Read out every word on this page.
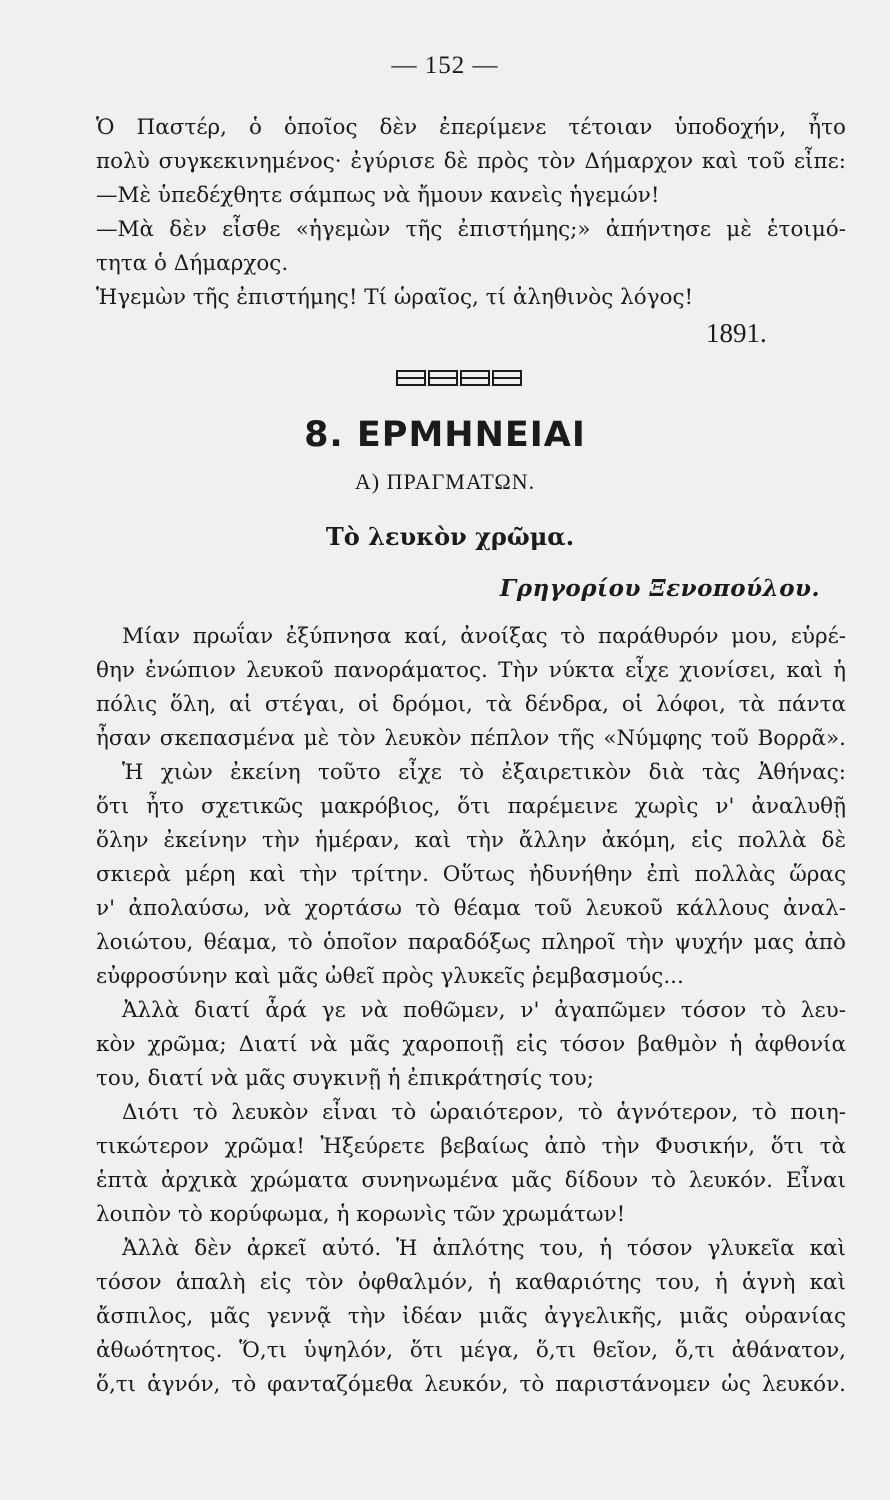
— 152 —
Ὁ Παστέρ, ὁ ὁποῖος δὲν ἐπερίμενε τέτοιαν ὑποδοχήν, ἦτο
πολὺ συγκεκινημένος· ἐγύρισε δὲ πρὸς τὸν Δήμαρχον καὶ τοῦ εἶπε:
—Μὲ ὑπεδέχθητε σάμπως νὰ ἤμουν κανεὶς ἡγεμών!
—Μὰ δὲν εἶσθε «ἡγεμὼν τῆς ἐπιστήμης;» ἀπήντησε μὲ ἑτοιμό-
τητα ὁ Δήμαρχος.
Ἡγεμὼν τῆς ἐπιστήμης! Τί ὡραῖος, τί ἀληθινὸς λόγος!
1891.
8. ΕΡΜΗΝΕΙΑΙ
Α) ΠΡΑΓΜΑΤΩΝ.
Τὸ λευκὸν χρῶμα.
Γρηγορίου Ξενοπούλου.
Μίαν πρωΐαν ἐξύπνησα καί, ἀνοίξας τὸ παράθυρόν μου, εὑρέ-
θην ἐνώπιον λευκοῦ πανοράματος. Τὴν νύκτα εἶχε χιονίσει, καὶ ἡ
πόλις ὅλη, αἱ στέγαι, οἱ δρόμοι, τὰ δένδρα, οἱ λόφοι, τὰ πάντα
ἦσαν σκεπασμένα μὲ τὸν λευκὸν πέπλον τῆς «Νύμφης τοῦ Βορρᾶ».
Ἡ χιὼν ἐκείνη τοῦτο εἶχε τὸ ἐξαιρετικὸν διὰ τὰς Ἀθήνας:
ὅτι ἦτο σχετικῶς μακρόβιος, ὅτι παρέμεινε χωρὶς ν' ἀναλυθῇ
ὅλην ἐκείνην τὴν ἡμέραν, καὶ τὴν ἄλλην ἀκόμη, εἰς πολλὰ δὲ
σκιερὰ μέρη καὶ τὴν τρίτην. Οὕτως ἠδυνήθην ἐπὶ πολλὰς ὥρας
ν' ἀπολαύσω, νὰ χορτάσω τὸ θέαμα τοῦ λευκοῦ κάλλους ἀναλ-
λοιώτου, θέαμα, τὸ ὁποῖον παραδόξως πληροῖ τὴν ψυχήν μας ἀπὸ
εὐφροσύνην καὶ μᾶς ὠθεῖ πρὸς γλυκεῖς ῥεμβασμούς...
Ἀλλὰ διατί ἆρά γε νὰ ποθῶμεν, ν' ἀγαπῶμεν τόσον τὸ λευ-
κὸν χρῶμα; Διατί νὰ μᾶς χαροποιῇ εἰς τόσον βαθμὸν ἡ ἀφθονία
του, διατί νὰ μᾶς συγκινῇ ἡ ἐπικράτησίς του;
Διότι τὸ λευκὸν εἶναι τὸ ὡραιότερον, τὸ ἁγνότερον, τὸ ποιη-
τικώτερον χρῶμα! Ἠξεύρετε βεβαίως ἀπὸ τὴν Φυσικήν, ὅτι τὰ
ἑπτὰ ἀρχικὰ χρώματα συνηνωμένα μᾶς δίδουν τὸ λευκόν. Εἶναι
λοιπὸν τὸ κορύφωμα, ἡ κορωνὶς τῶν χρωμάτων!
Ἀλλὰ δὲν ἀρκεῖ αὐτό. Ἡ ἁπλότης του, ἡ τόσον γλυκεῖα καὶ
τόσον ἁπαλὴ εἰς τὸν ὀφθαλμόν, ἡ καθαριότης του, ἡ ἁγνὴ καὶ
ἄσπιλος, μᾶς γεννᾷ τὴν ἰδέαν μιᾶς ἀγγελικῆς, μιᾶς οὐρανίας
ἀθωότητος. Ὅ,τι ὑψηλόν, ὅτι μέγα, ὅ,τι θεῖον, ὅ,τι ἀθάνατον,
ὅ,τι ἁγνόν, τὸ φανταζόμεθα λευκόν, τὸ παριστάνομεν ὡς λευκόν.
